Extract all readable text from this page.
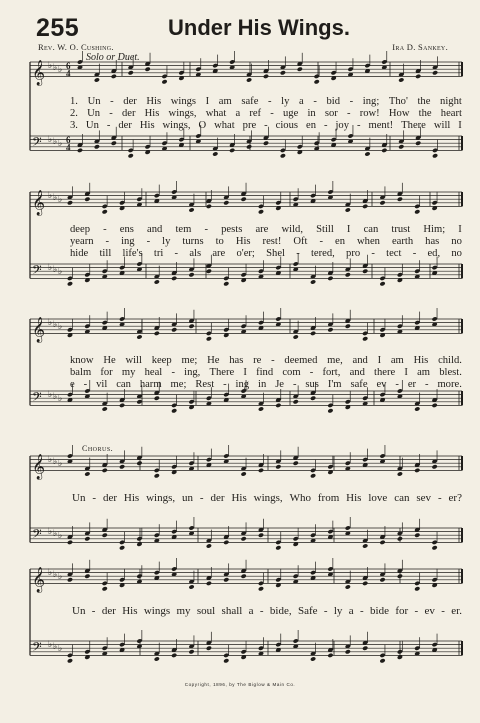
255	Under His Wings.
Rev. W. O. Cushing.	Ira D. Sankey.
Solo or Duet.
𝄞 ♭ ♭ ♭ 6
4
𝄢 ♭ ♭ ♭ 6
4
1. Un - der His wings I am safe - ly a - bid - ing; Tho' the night
2. Un - der His wings, what a ref - uge in sor - row! How the heart
3. Un - der His wings, O what pre - cious en - joy - ment! There will I
𝄞 ♭ ♭ ♭
𝄢 ♭ ♭ ♭
deep - ens and tem - pests are wild, Still I can trust Him; I
yearn - ing - ly turns to His rest! Oft - en when earth has no
hide till life's tri - als are o'er; Shel - tered, pro - tect - ed, no
𝄞 ♭ ♭ ♭
𝄢 ♭ ♭ ♭
know He will keep me; He has re - deemed me, and I am His child.
balm for my heal - ing, There I find com - fort, and there I am blest.
e - vil can harm me; Rest - ing in Je - sus I'm safe ev - er - more.
Chorus.
𝄞 ♭ ♭ ♭
𝄢 ♭ ♭ ♭
Un - der His wings, un - der His wings, Who from His love can sev - er?
𝄞 ♭ ♭ ♭
𝄢 ♭ ♭ ♭
Un - der His wings my soul shall a - bide, Safe - ly a - bide for - ev - er.
Copyright, 1896, by The Biglow & Main Co.
